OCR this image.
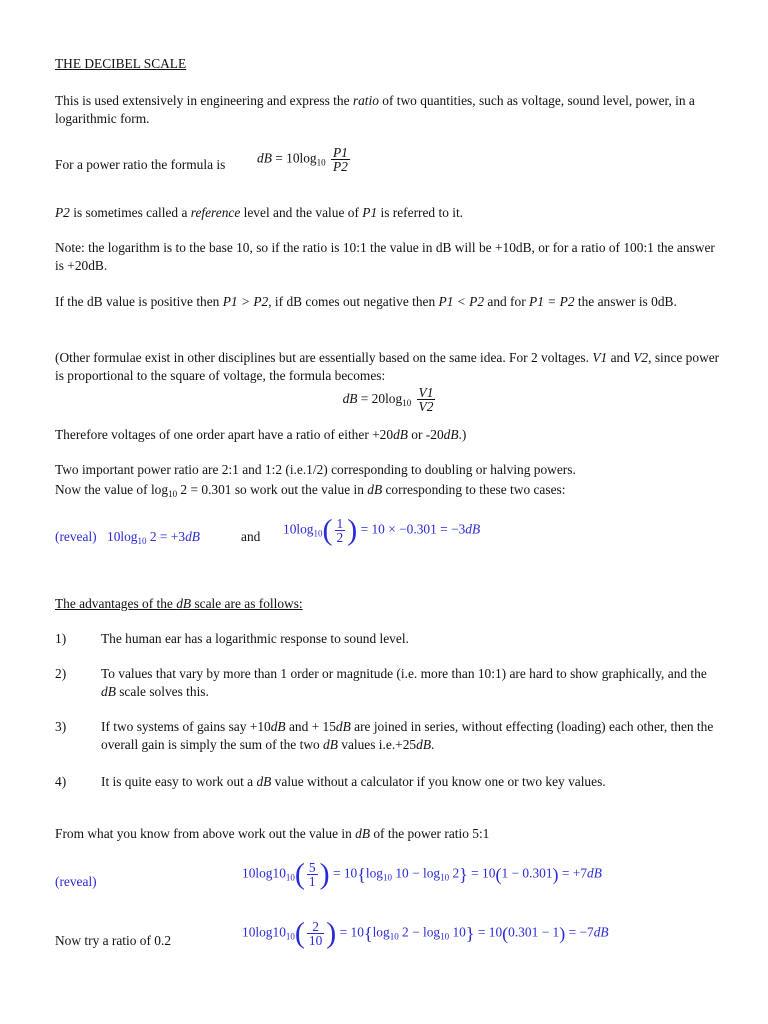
THE DECIBEL SCALE
This is used extensively in engineering and express the ratio of two quantities, such as voltage, sound level, power, in a logarithmic form.
For a power ratio the formula is dB = $10\log_{10} \frac{P1}{P2}$
P2 is sometimes called a reference level and the value of P1 is referred to it.
Note: the logarithm is to the base 10, so if the ratio is 10:1 the value in dB will be +10dB, or for a ratio of 100:1 the answer is +20dB.
If the dB value is positive then P1 > P2, if dB comes out negative then P1 < P2 and for P1 = P2 the answer is 0dB.
(Other formulae exist in other disciplines but are essentially based on the same idea. For 2 voltages. V1 and V2, since power is proportional to the square of voltage, the formula becomes:
dB = $20\log_{10} \frac{V1}{V2}$
Therefore voltages of one order apart have a ratio of either +20dB or -20dB.)
Two important power ratio are 2:1 and 1:2 (i.e.1/2) corresponding to doubling or halving powers.
Now the value of $\log_{10} 2 = 0.301$ so work out the value in dB corresponding to these two cases:
(reveal) $10\log_{10}$ 2 = +3dB	and $10\log_{10}( \frac{1}{2}$ ) = 10 × −0.301 = −3dB
The advantages of the dB scale are as follows:
1)	The human ear has a logarithmic response to sound level.
2)	To values that vary by more than 1 order or magnitude (i.e. more than 10:1) are hard to show graphically, and the dB scale solves this.
3)	If two systems of gains say +10dB and + 15dB are joined in series, without effecting (loading) each other, then the overall gain is simply the sum of the two dB values i.e.+25dB.
4)	It is quite easy to work out a dB value without a calculator if you know one or two key values.
From what you know from above work out the value in dB of the power ratio 5:1
(reveal)
$10\log 10_{10}( \frac{5}{1}$ ) = $10\{\log_{10}$ $10 - \log_{10} 2\} = 10(1 - 0.301) = +7dB$
Now try a ratio of 0.2
$10\log 10_{10}( \frac{2}{10}$ ) = $10\{\log_{10}$ $2 - \log_{10} 10\} = 10(0.301 - 1) = -7dB$
